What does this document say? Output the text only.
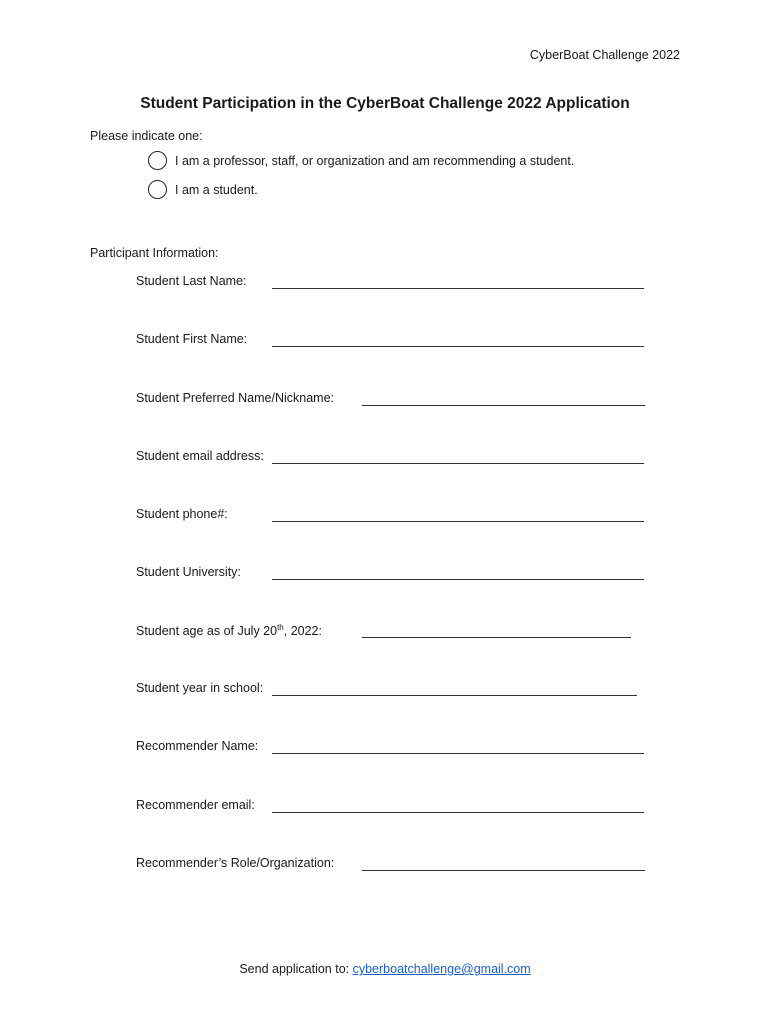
CyberBoat Challenge 2022
Student Participation in the CyberBoat Challenge 2022 Application
Please indicate one:
I am a professor, staff, or organization and am recommending a student.
I am a student.
Participant Information:
Student Last Name:
Student First Name:
Student Preferred Name/Nickname:
Student email address:
Student phone#:
Student University:
Student age as of July 20th, 2022:
Student year in school:
Recommender Name:
Recommender email:
Recommender’s Role/Organization:
Send application to: cyberboatchallenge@gmail.com
